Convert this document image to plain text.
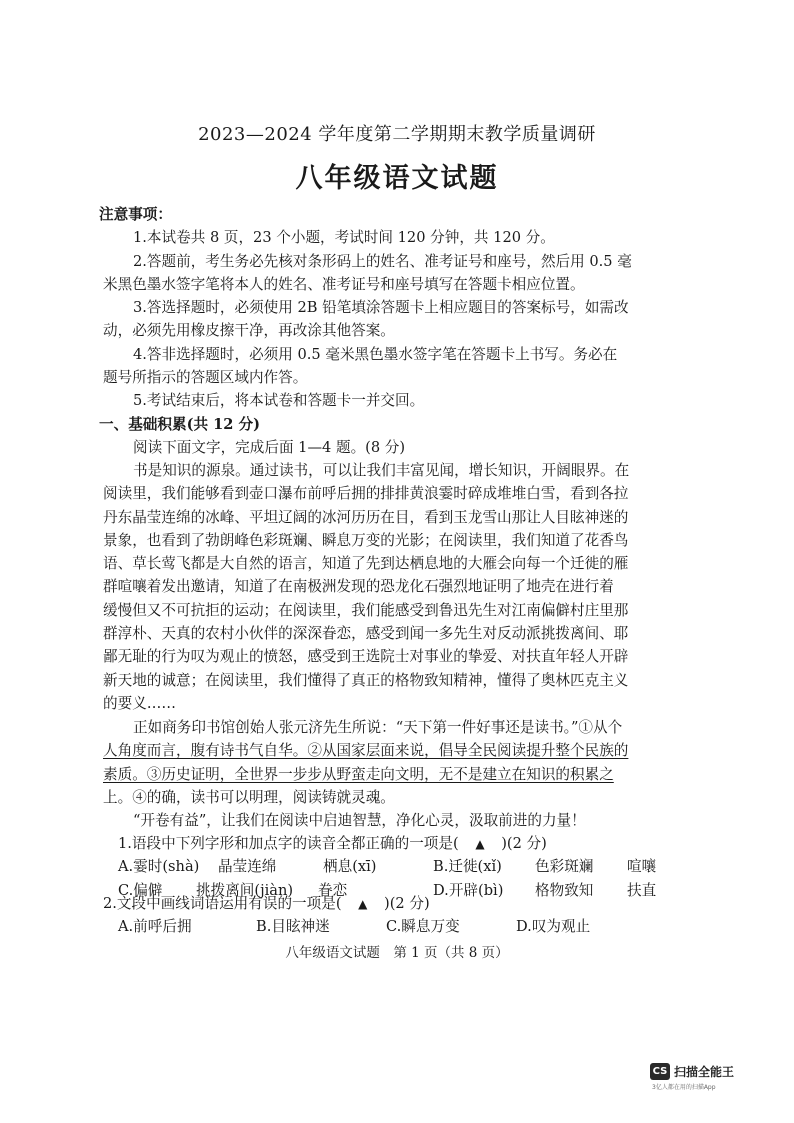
2023—2024 学年度第二学期期末教学质量调研
八年级语文试题
注意事项：
1.本试卷共 8 页，23 个小题，考试时间 120 分钟，共 120 分。
2.答题前，考生务必先核对条形码上的姓名、准考证号和座号，然后用 0.5 毫
米黑色墨水签字笔将本人的姓名、准考证号和座号填写在答题卡相应位置。
3.答选择题时，必须使用 2B 铅笔填涂答题卡上相应题目的答案标号，如需改
动，必须先用橡皮擦干净，再改涂其他答案。
4.答非选择题时，必须用 0.5 毫米黑色墨水签字笔在答题卡上书写。务必在
题号所指示的答题区域内作答。
5.考试结束后，将本试卷和答题卡一并交回。
一、基础积累(共 12 分)
阅读下面文字，完成后面 1—4 题。(8 分)
书是知识的源泉。通过读书，可以让我们丰富见闻，增长知识，开阔眼界。在
阅读里，我们能够看到壶口瀑布前呼后拥的排排黄浪霎时碎成堆堆白雪，看到各拉
丹东晶莹连绵的冰峰、平坦辽阔的冰河历历在目，看到玉龙雪山那让人目眩神迷的
景象，也看到了勃朗峰色彩斑斓、瞬息万变的光影；在阅读里，我们知道了花香鸟
语、草长莺飞都是大自然的语言，知道了先到达栖息地的大雁会向每一个迁徙的雁
群喧嚷着发出邀请，知道了在南极洲发现的恐龙化石强烈地证明了地壳在进行着
缓慢但又不可抗拒的运动；在阅读里，我们能感受到鲁迅先生对江南偏僻村庄里那
群淳朴、天真的农村小伙伴的深深眷恋，感受到闻一多先生对反动派挑拨离间、耶
鄙无耻的行为叹为观止的愤怒，感受到王选院士对事业的挚爱、对扶直年轻人开辟
新天地的诚意；在阅读里，我们懂得了真正的格物致知精神，懂得了奥林匹克主义
的要义……
正如商务印书馆创始人张元济先生所说：“天下第一件好事还是读书。”①从个
人角度而言，腹有诗书气自华。②从国家层面来说，倡导全民阅读提升整个民族的
素质。③历史证明，全世界一步步从野蛮走向文明，无不是建立在知识的积累之
上。④的确，读书可以明理，阅读铸就灵魂。
“开卷有益”，让我们在阅读中启迪智慧，净化心灵，汲取前进的力量！
1.语段中下列字形和加点字的读音全都正确的一项是( ▲ )(2 分)
A.霎时(shà)	晶莹连绵	栖息(xī)	B.迁徙(xǐ)	色彩斑斓	喧嚷
C.偏僻	挑拨离间(jiàn)	眷恋	D.开辟(bì)	格物致知	扶直
2.文段中画线词语运用有误的一项是( ▲ )(2 分)
A.前呼后拥	B.目眩神迷	C.瞬息万变	D.叹为观止
八年级语文试题　第 1 页（共 8 页）
CS 扫描全能王
3亿人都在用的扫描App
